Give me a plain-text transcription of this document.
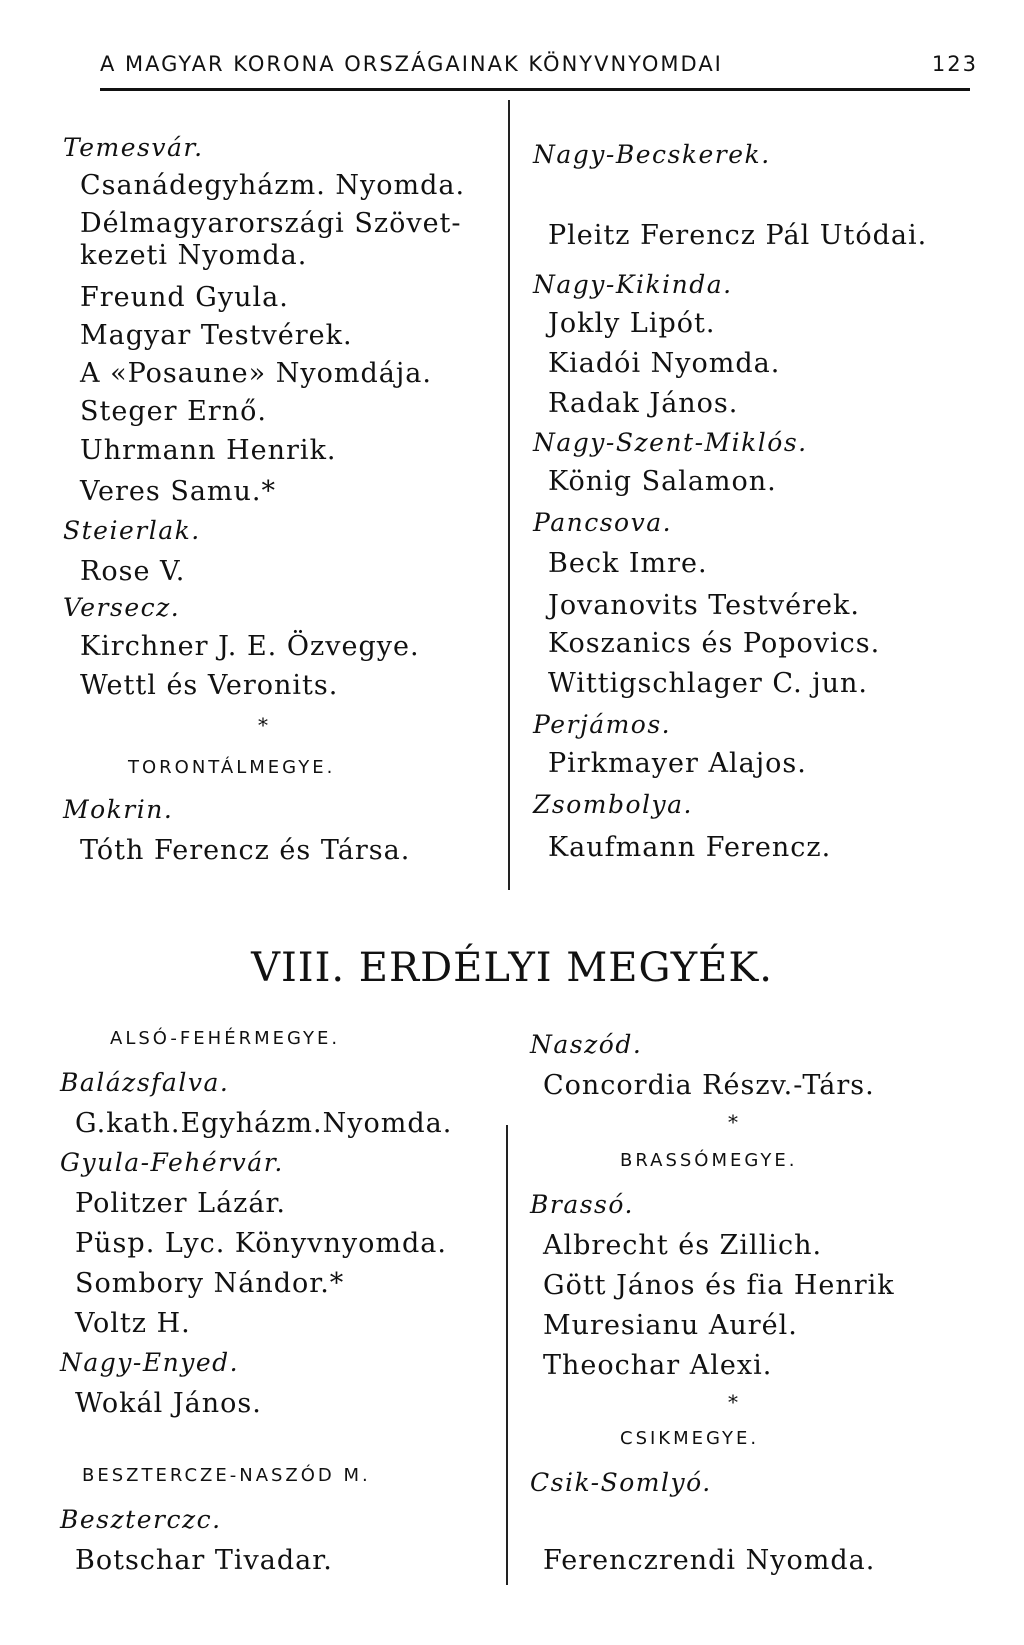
A MAGYAR KORONA ORSZÁGAINAK KÖNYVNYOMDAI	123
Temesvár.
Csanádegyházm. Nyomda.
Délmagyarországi Szövet-
kezeti Nyomda.
Freund Gyula.
Magyar Testvérek.
A «Posaune» Nyomdája.
Steger Ernő.
Uhrmann Henrik.
Veres Samu.*
Steierlak.
Rose V.
Versecz.
Kirchner J. E. Özvegye.
Wettl és Veronits.
*
TORONTÁLMEGYE.
Mokrin.
Tóth Ferencz és Társa.
Nagy-Becskerek.
Pleitz Ferencz Pál Utódai.
Nagy-Kikinda.
Jokly Lipót.
Kiadói Nyomda.
Radak János.
Nagy-Szent-Miklós.
König Salamon.
Pancsova.
Beck Imre.
Jovanovits Testvérek.
Koszanics és Popovics.
Wittigschlager C. jun.
Perjámos.
Pirkmayer Alajos.
Zsombolya.
Kaufmann Ferencz.
VIII. ERDÉLYI MEGYÉK.
ALSÓ-FEHÉRMEGYE.
Balázsfalva.
G.kath.Egyházm.Nyomda.
Gyula-Fehérvár.
Politzer Lázár.
Püsp. Lyc. Könyvnyomda.
Sombory Nándor.*
Voltz H.
Nagy-Enyed.
Wokál János.
BESZTERCZE-NASZÓD M.
Beszterczc.
Botschar Tivadar.
Naszód.
Concordia Részv.-Társ.
*
BRASSÓMEGYE.
Brassó.
Albrecht és Zillich.
Gött János és fia Henrik
Muresianu Aurél.
Theochar Alexi.
*
CSIKMEGYE.
Csik-Somlyó.
Ferenczrendi Nyomda.
